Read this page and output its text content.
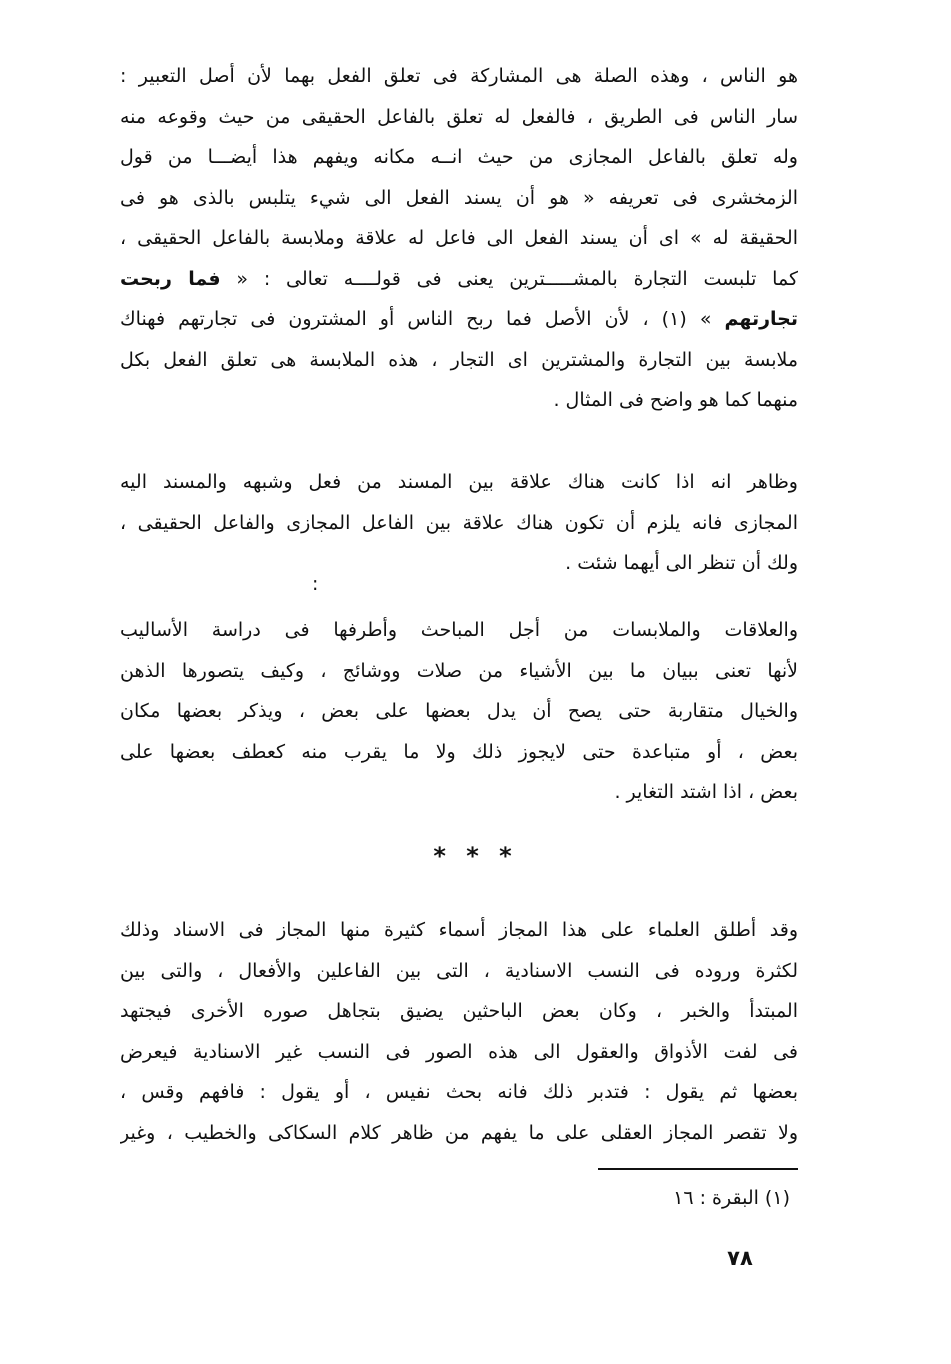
هو الناس ، وهذه الصلة هى المشاركة فى تعلق الفعل بهما لأن أصل التعبير :
سار الناس فى الطريق ، فالفعل له تعلق بالفاعل الحقيقى من حيث وقوعه منه
وله تعلق بالفاعل المجازى من حيث انــه مكانه ويفهم هذا أيضـــا من قول
الزمخشرى فى تعريفه « هو أن يسند الفعل الى شيء يتلبس بالذى هو فى
الحقيقة له » اى أن يسند الفعل الى فاعل له علاقة وملابسة بالفاعل الحقيقى ،
كما تلبست التجارة بالمشـــــترين يعنى فى قولــــه تعالى : « فما ربحت
تجارتهم » (١) ، لأن الأصل فما ربح الناس أو المشترون فى تجارتهم فهناك
ملابسة بين التجارة والمشترين اى التجار ، هذه الملابسة هى تعلق الفعل بكل
منهما كما هو واضح فى المثال .
وظاهر انه اذا كانت هناك علاقة بين المسند من فعل وشبهه والمسند اليه
المجازى فانه يلزم أن تكون هناك علاقة بين الفاعل المجازى والفاعل الحقيقى ،
ولك أن تنظر الى أيهما شئت .
:
والعلاقات والملابسات من أجل المباحث وأطرفها فى دراسة الأساليب
لأنها تعنى ببيان ما بين الأشياء من صلات ووشائج ، وكيف يتصورها الذهن
والخيال متقاربة حتى يصح أن يدل بعضها على بعض ، ويذكر بعضها مكان
بعض ، أو متباعدة حتى لايجوز ذلك ولا ما يقرب منه كعطف بعضها على
بعض ، اذا اشتد التغاير .
* * *
وقد أطلق العلماء على هذا المجاز أسماء كثيرة منها المجاز فى الاسناد وذلك
لكثرة وروده فى النسب الاسنادية ، التى بين الفاعلين والأفعال ، والتى بين
المبتدأ والخبر ، وكان بعض الباحثين يضيق بتجاهل صوره الأخرى فيجتهد
فى لفت الأذواق والعقول الى هذه الصور فى النسب غير الاسنادية فيعرض
بعضها ثم يقول : فتدبر ذلك فانه بحث نفيس ، أو يقول : فافهم وقس ،
ولا تقصر المجاز العقلى على ما يفهم من ظاهر كلام السكاكى والخطيب ، وغير
(١) البقرة : ١٦
٧٨
